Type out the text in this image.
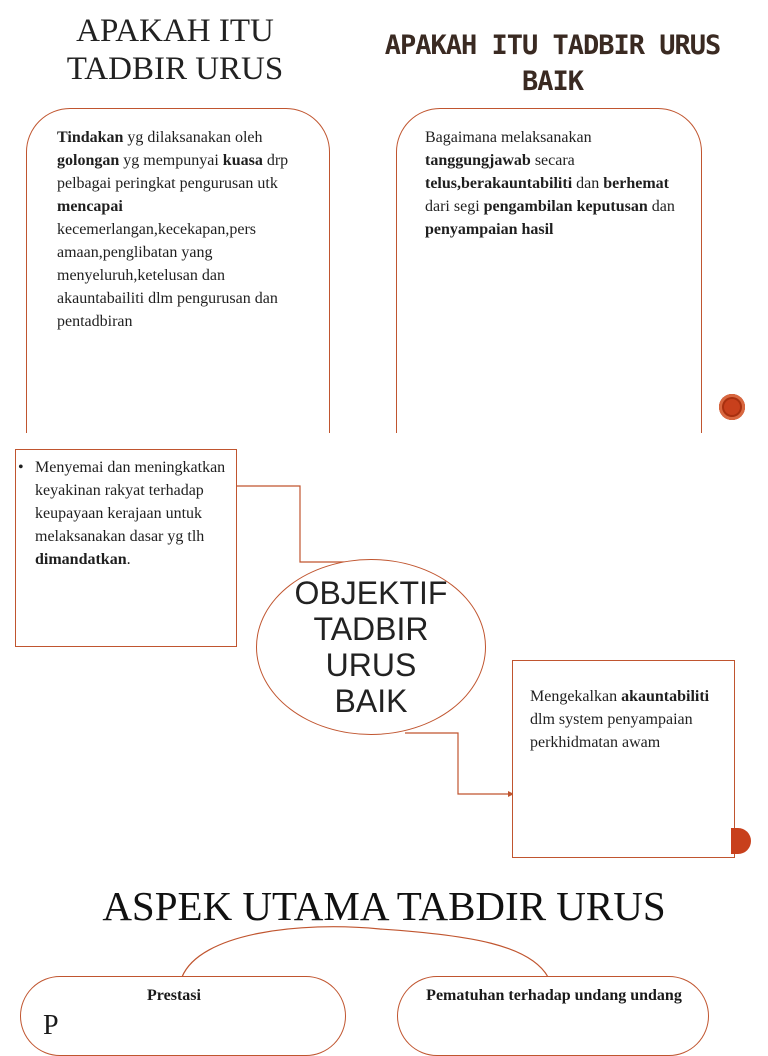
APAKAH ITU
TADBIR URUS
APAKAH ITU TADBIR URUS
BAIK
Tindakan yg dilaksanakan oleh golongan yg mempunyai kuasa drp pelbagai peringkat pengurusan utk mencapai kecemerlangan,kecekapan,pers amaan,penglibatan yang menyeluruh,ketelusan dan akauntabailiti dlm pengurusan dan pentadbiran
Bagaimana melaksanakan tanggungjawab secara telus,berakauntabiliti dan berhemat dari segi pengambilan keputusan dan penyampaian hasil
• Menyemai dan meningkatkan keyakinan rakyat terhadap keupayaan kerajaan untuk melaksanakan dasar yg tlh dimandatkan.
OBJEKTIF TADBIR URUS BAIK	Mengekalkan akauntabiliti dlm system penyampaian perkhidmatan awam
ASPEK UTAMA TABDIR URUS
Prestasi
P
Pematuhan terhadap undang undang
